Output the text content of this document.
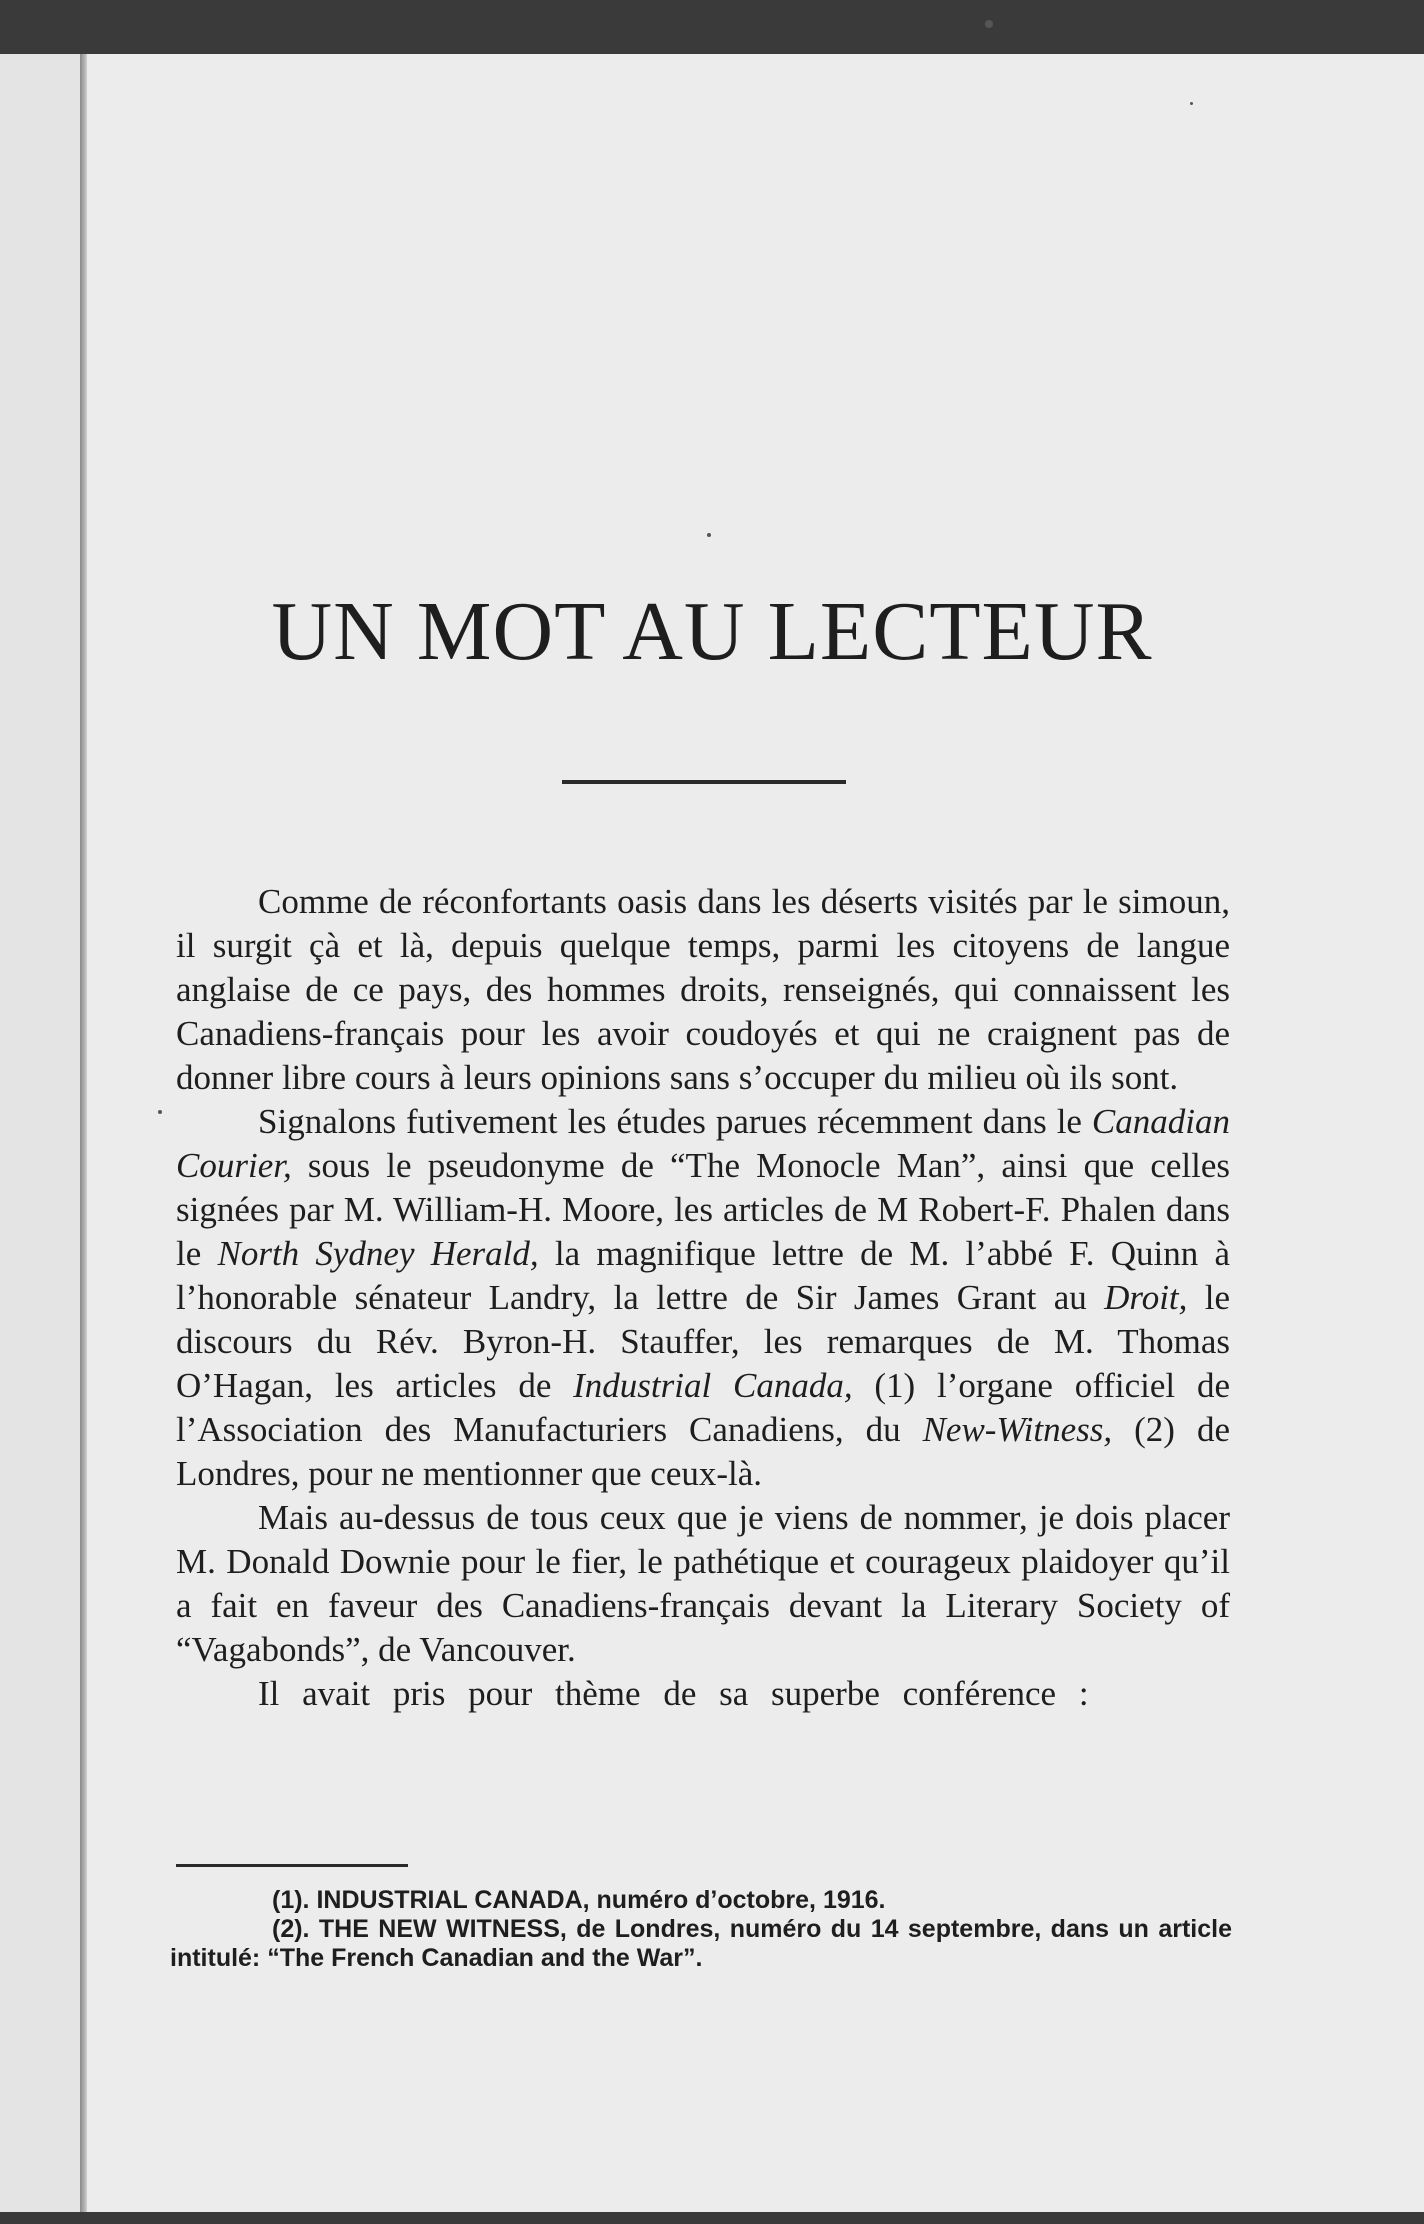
UN MOT AU LECTEUR

Comme de réconfortants oasis dans les déserts visités par le simoun, il surgit çà et là, depuis quelque temps, parmi les citoyens de langue anglaise de ce pays, des hommes droits, renseignés, qui connaissent les Canadiens-français pour les avoir coudoyés et qui ne craignent pas de donner libre cours à leurs opinions sans s’occuper du milieu où ils sont.

Signalons futivement les études parues récemment dans le Canadian Courier, sous le pseudonyme de “The Monocle Man”, ainsi que celles signées par M. William-H. Moore, les articles de M Robert-F. Phalen dans le North Sydney Herald, la magnifique lettre de M. l’abbé F. Quinn à l’honorable sénateur Landry, la lettre de Sir James Grant au Droit, le discours du Rév. Byron-H. Stauffer, les remarques de M. Thomas O’Hagan, les articles de Industrial Canada, (1) l’organe officiel de l’Association des Manufacturiers Canadiens, du New-Witness, (2) de Londres, pour ne mentionner que ceux-là.

Mais au-dessus de tous ceux que je viens de nommer, je dois placer M. Donald Downie pour le fier, le pathétique et courageux plaidoyer qu’il a fait en faveur des Canadiens-français devant la Literary Society of “Vagabonds”, de Vancouver.

Il avait pris pour thème de sa superbe conférence :

(1). INDUSTRIAL CANADA, numéro d’octobre, 1916.

(2). THE NEW WITNESS, de Londres, numéro du 14 septembre, dans un article intitulé: “The French Canadian and the War”.
